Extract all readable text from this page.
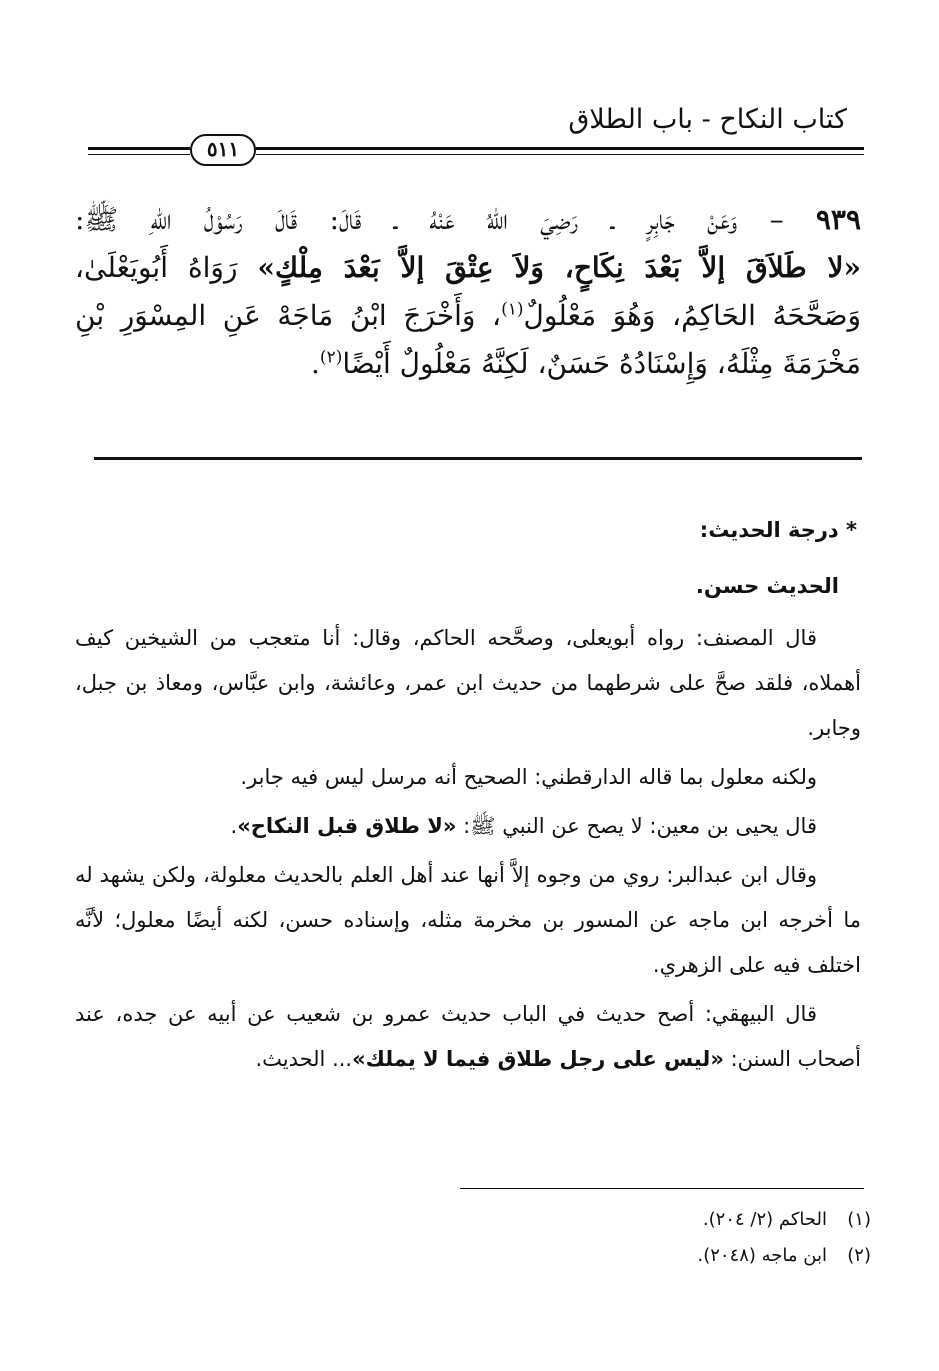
كتاب النكاح - باب الطلاق
٥١١
٩٣٩ – وَعَنْ جَابِرٍ ـ رَضِيَ اللهُ عَنْهُ ـ قَالَ: قَالَ رَسُوْلُ اللهِ ﷺ:
«لا طَلاَقَ إلاَّ بَعْدَ نِكَاحٍ، وَلاَ عِتْقَ إلاَّ بَعْدَ مِلْكٍ» رَوَاهُ أَبُويَعْلَىٰ،
وَصَحَّحَهُ الحَاكِمُ، وَهُوَ مَعْلُولٌ$^{(١)}$، وَأَخْرَجَ ابْنُ مَاجَهْ عَنِ المِسْوَرِ بْنِ
مَخْرَمَةَ مِثْلَهُ، وَإِسْنَادُهُ حَسَنٌ، لَكِنَّهُ مَعْلُولٌ أَيْضًا$^{(٢)}$.
* درجة الحديث:
الحديث حسن.

قال المصنف: رواه أبويعلى، وصحَّحه الحاكم، وقال: أنا متعجب من الشيخين كيف أهملاه، فلقد صحَّ على شرطهما من حديث ابن عمر، وعائشة، وابن عبَّاس، ومعاذ بن جبل، وجابر.

ولكنه معلول بما قاله الدارقطني: الصحيح أنه مرسل ليس فيه جابر.

قال يحيى بن معين: لا يصح عن النبي ﷺ: «لا طلاق قبل النكاح».

وقال ابن عبدالبر: روي من وجوه إلاَّ أنها عند أهل العلم بالحديث معلولة، ولكن يشهد له ما أخرجه ابن ماجه عن المسور بن مخرمة مثله، وإسناده حسن، لكنه أيضًا معلول؛ لأنَّه اختلف فيه على الزهري.

قال البيهقي: أصح حديث في الباب حديث عمرو بن شعيب عن أبيه عن جده، عند أصحاب السنن: «ليس على رجل طلاق فيما لا يملك»... الحديث.

(١)
الحاكم (٢/ ٢٠٤).
(٢)
ابن ماجه (٢٠٤٨).
